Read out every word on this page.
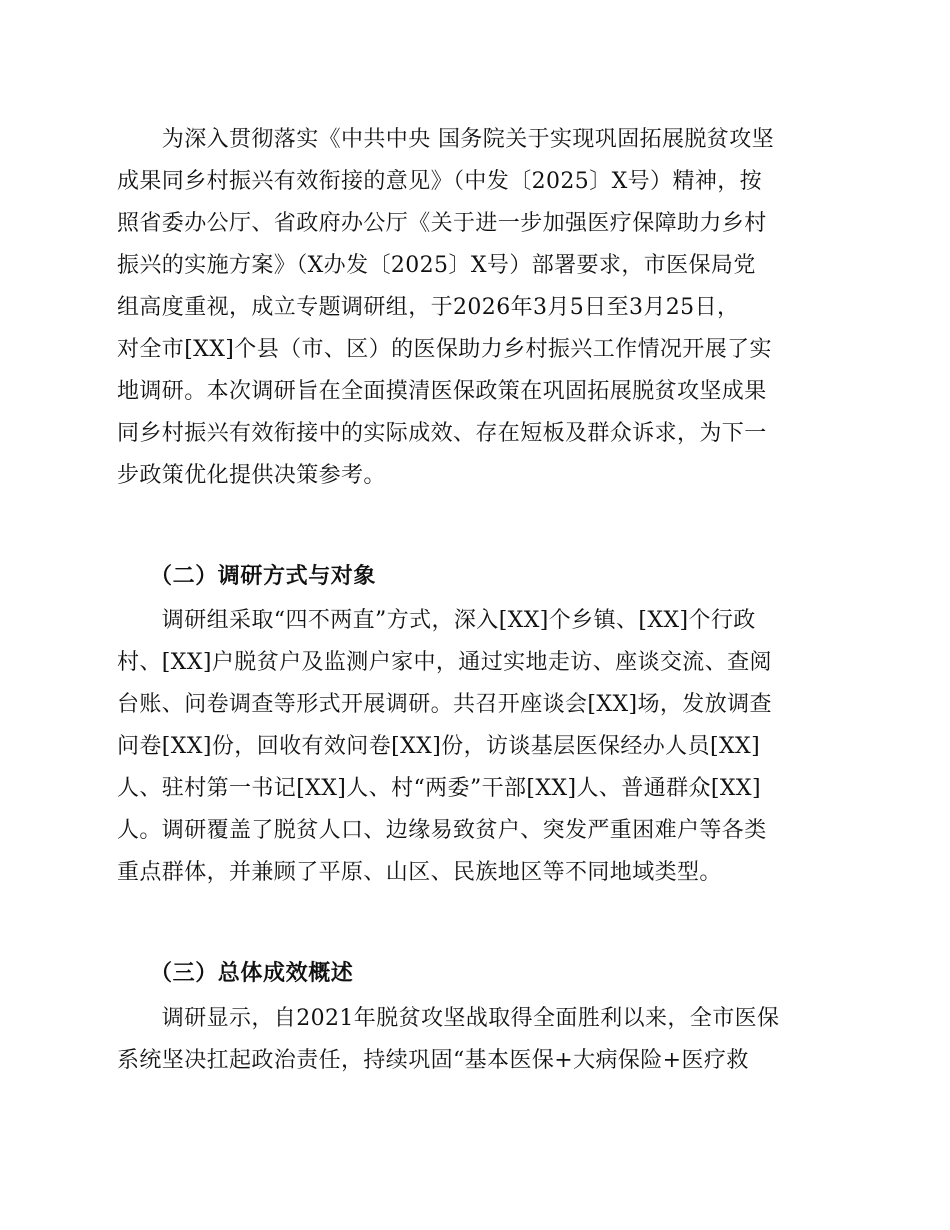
　　为深入贯彻落实《中共中央 国务院关于实现巩固拓展脱贫攻坚
成果同乡村振兴有效衔接的意见》（中发〔2025〕X号）精神，按
照省委办公厅、省政府办公厅《关于进一步加强医疗保障助力乡村
振兴的实施方案》（X办发〔2025〕X号）部署要求，市医保局党
组高度重视，成立专题调研组，于2026年3月5日至3月25日，
对全市[XX]个县（市、区）的医保助力乡村振兴工作情况开展了实
地调研。本次调研旨在全面摸清医保政策在巩固拓展脱贫攻坚成果
同乡村振兴有效衔接中的实际成效、存在短板及群众诉求，为下一
步政策优化提供决策参考。
（二）调研方式与对象
　　调研组采取“四不两直”方式，深入[XX]个乡镇、[XX]个行政
村、[XX]户脱贫户及监测户家中，通过实地走访、座谈交流、查阅
台账、问卷调查等形式开展调研。共召开座谈会[XX]场，发放调查
问卷[XX]份，回收有效问卷[XX]份，访谈基层医保经办人员[XX]
人、驻村第一书记[XX]人、村“两委”干部[XX]人、普通群众[XX]
人。调研覆盖了脱贫人口、边缘易致贫户、突发严重困难户等各类
重点群体，并兼顾了平原、山区、民族地区等不同地域类型。
（三）总体成效概述
　　调研显示，自2021年脱贫攻坚战取得全面胜利以来，全市医保
系统坚决扛起政治责任，持续巩固“基本医保+大病保险+医疗救
